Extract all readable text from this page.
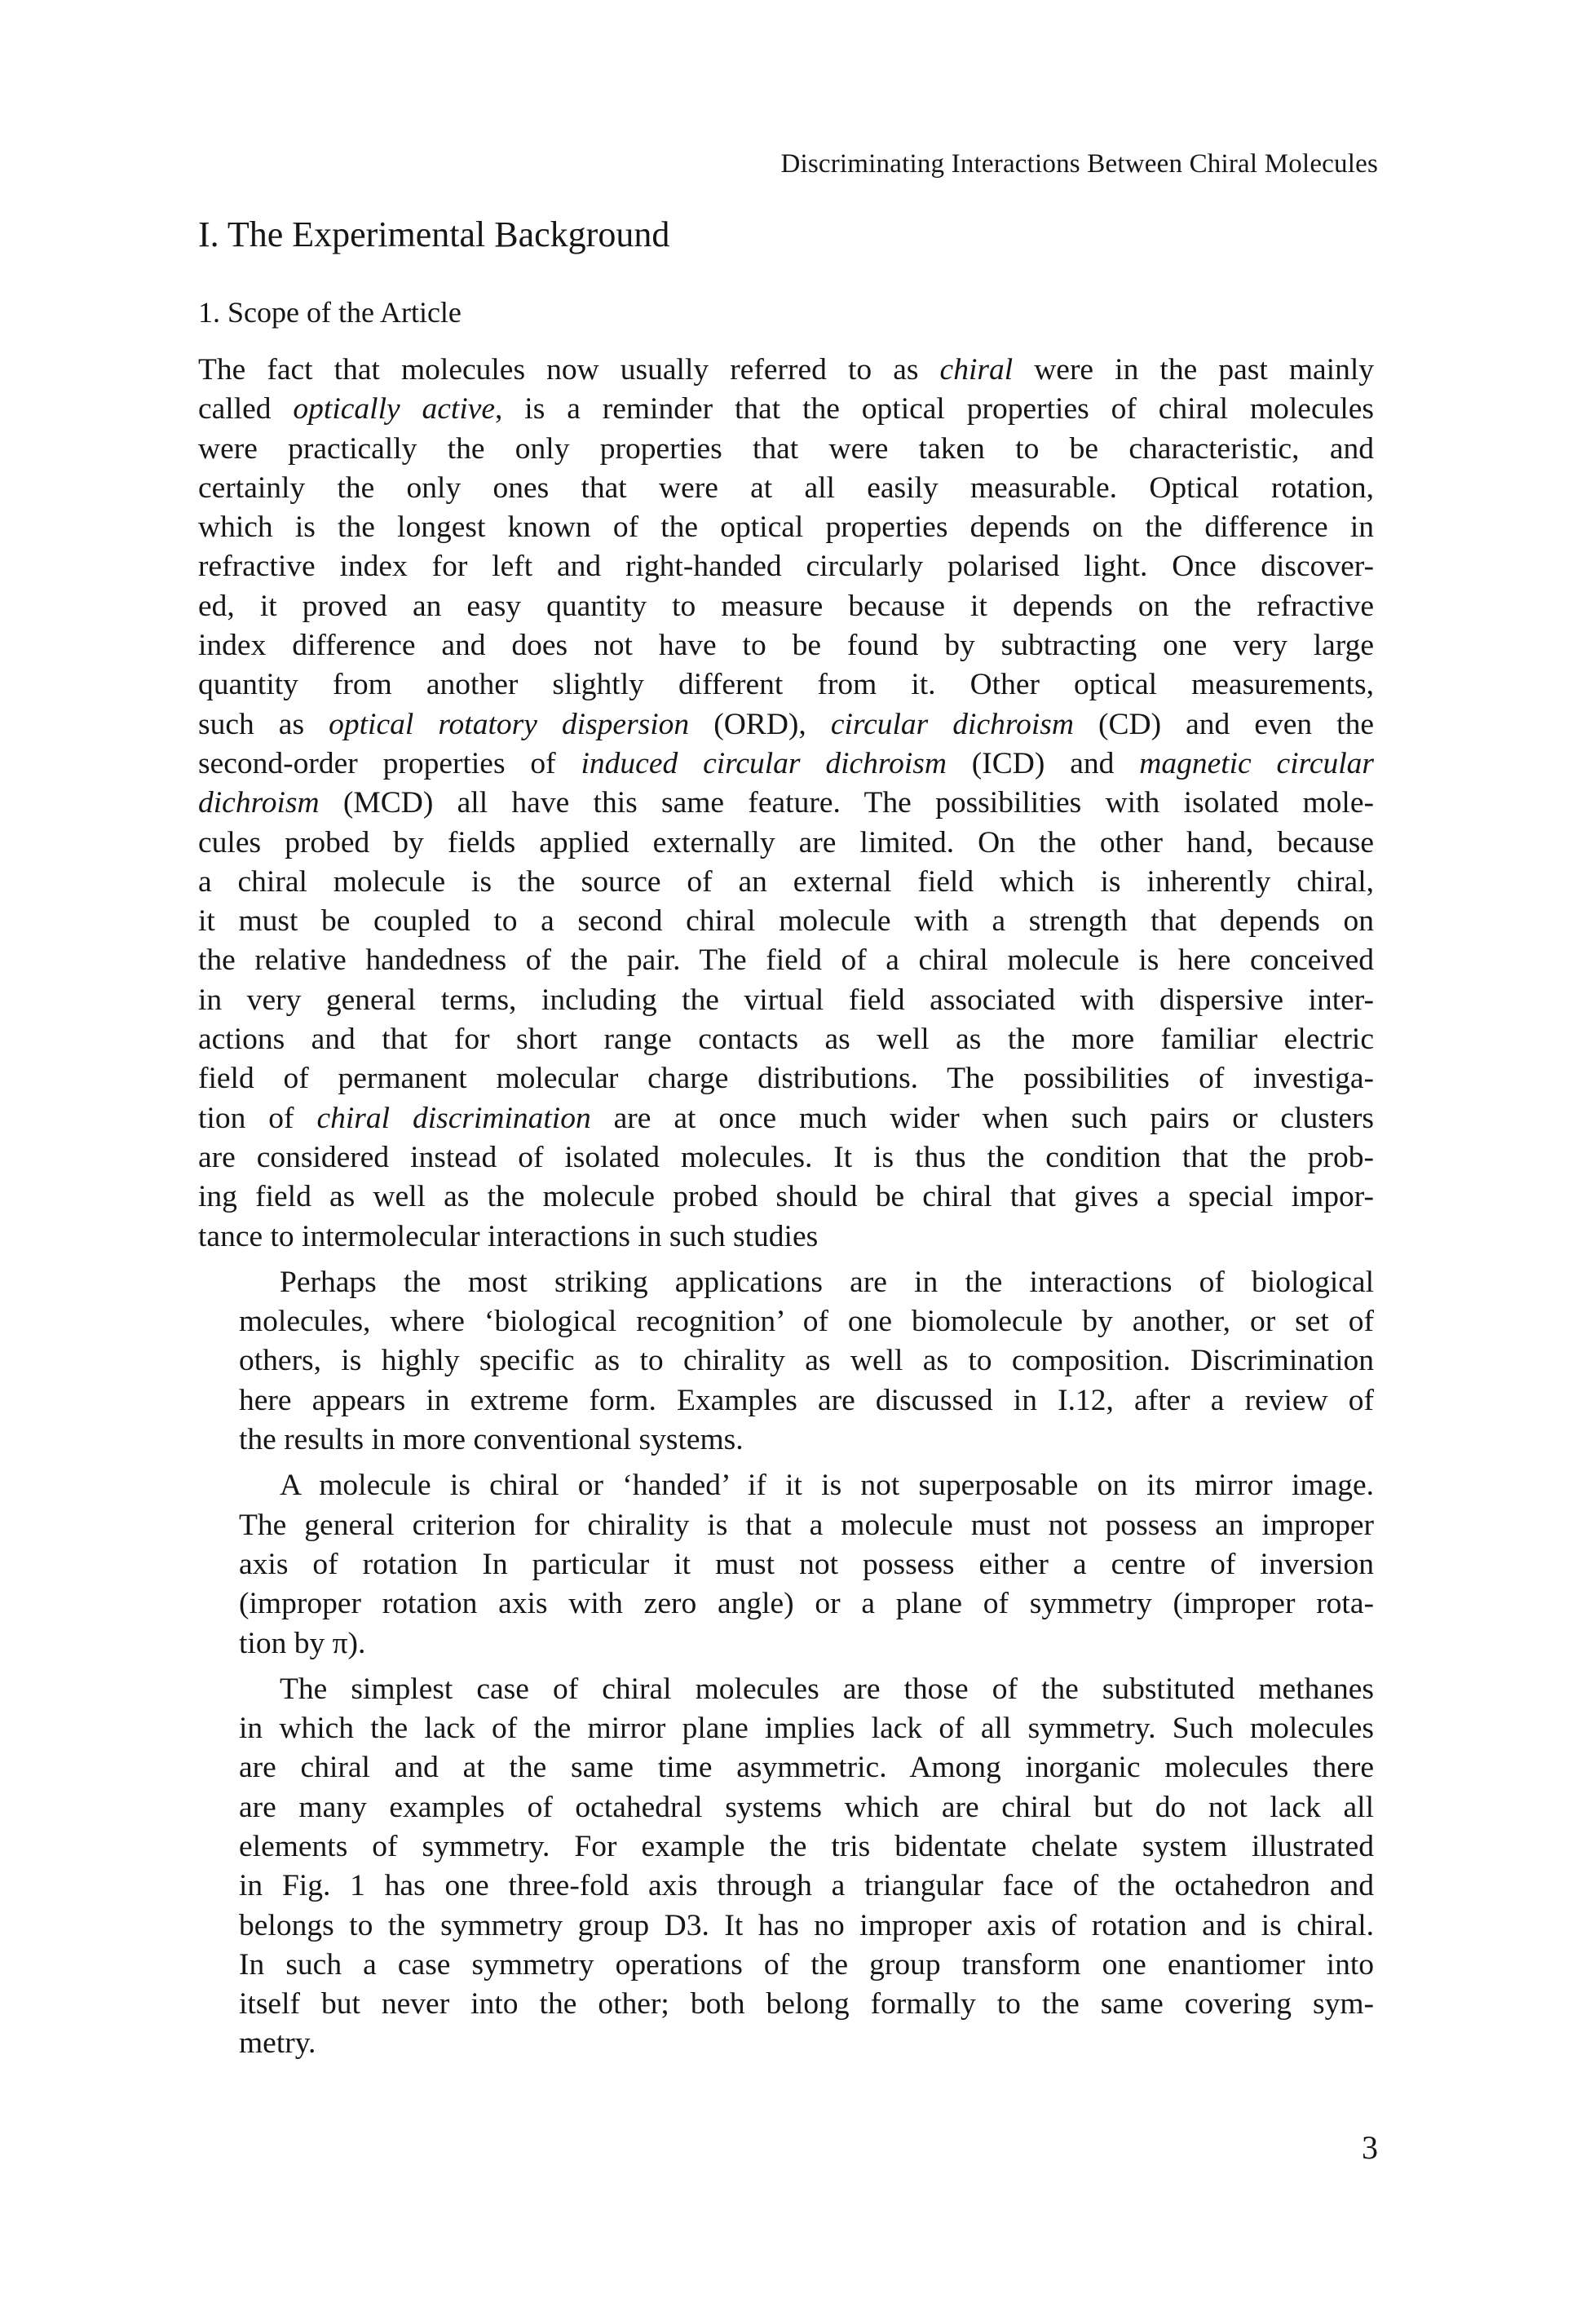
Discriminating Interactions Between Chiral Molecules
I. The Experimental Background
1. Scope of the Article
The fact that molecules now usually referred to as chiral were in the past mainly
called optically active, is a reminder that the optical properties of chiral molecules
were practically the only properties that were taken to be characteristic, and
certainly the only ones that were at all easily measurable. Optical rotation,
which is the longest known of the optical properties depends on the difference in
refractive index for left and right-handed circularly polarised light. Once discover-
ed, it proved an easy quantity to measure because it depends on the refractive
index difference and does not have to be found by subtracting one very large
quantity from another slightly different from it. Other optical measurements,
such as optical rotatory dispersion (ORD), circular dichroism (CD) and even the
second-order properties of induced circular dichroism (ICD) and magnetic circular
dichroism (MCD) all have this same feature. The possibilities with isolated mole-
cules probed by fields applied externally are limited. On the other hand, because
a chiral molecule is the source of an external field which is inherently chiral,
it must be coupled to a second chiral molecule with a strength that depends on
the relative handedness of the pair. The field of a chiral molecule is here conceived
in very general terms, including the virtual field associated with dispersive inter-
actions and that for short range contacts as well as the more familiar electric
field of permanent molecular charge distributions. The possibilities of investiga-
tion of chiral discrimination are at once much wider when such pairs or clusters
are considered instead of isolated molecules. It is thus the condition that the prob-
ing field as well as the molecule probed should be chiral that gives a special impor-
tance to intermolecular interactions in such studies
Perhaps the most striking applications are in the interactions of biological
molecules, where ‘biological recognition’ of one biomolecule by another, or set of
others, is highly specific as to chirality as well as to composition. Discrimination
here appears in extreme form. Examples are discussed in I.12, after a review of
the results in more conventional systems.
A molecule is chiral or ‘handed’ if it is not superposable on its mirror image.
The general criterion for chirality is that a molecule must not possess an improper
axis of rotation In particular it must not possess either a centre of inversion
(improper rotation axis with zero angle) or a plane of symmetry (improper rota-
tion by π).
The simplest case of chiral molecules are those of the substituted methanes
in which the lack of the mirror plane implies lack of all symmetry. Such molecules
are chiral and at the same time asymmetric. Among inorganic molecules there
are many examples of octahedral systems which are chiral but do not lack all
elements of symmetry. For example the tris bidentate chelate system illustrated
in Fig. 1 has one three-fold axis through a triangular face of the octahedron and
belongs to the symmetry group D3. It has no improper axis of rotation and is chiral.
In such a case symmetry operations of the group transform one enantiomer into
itself but never into the other; both belong formally to the same covering sym-
metry.
3
